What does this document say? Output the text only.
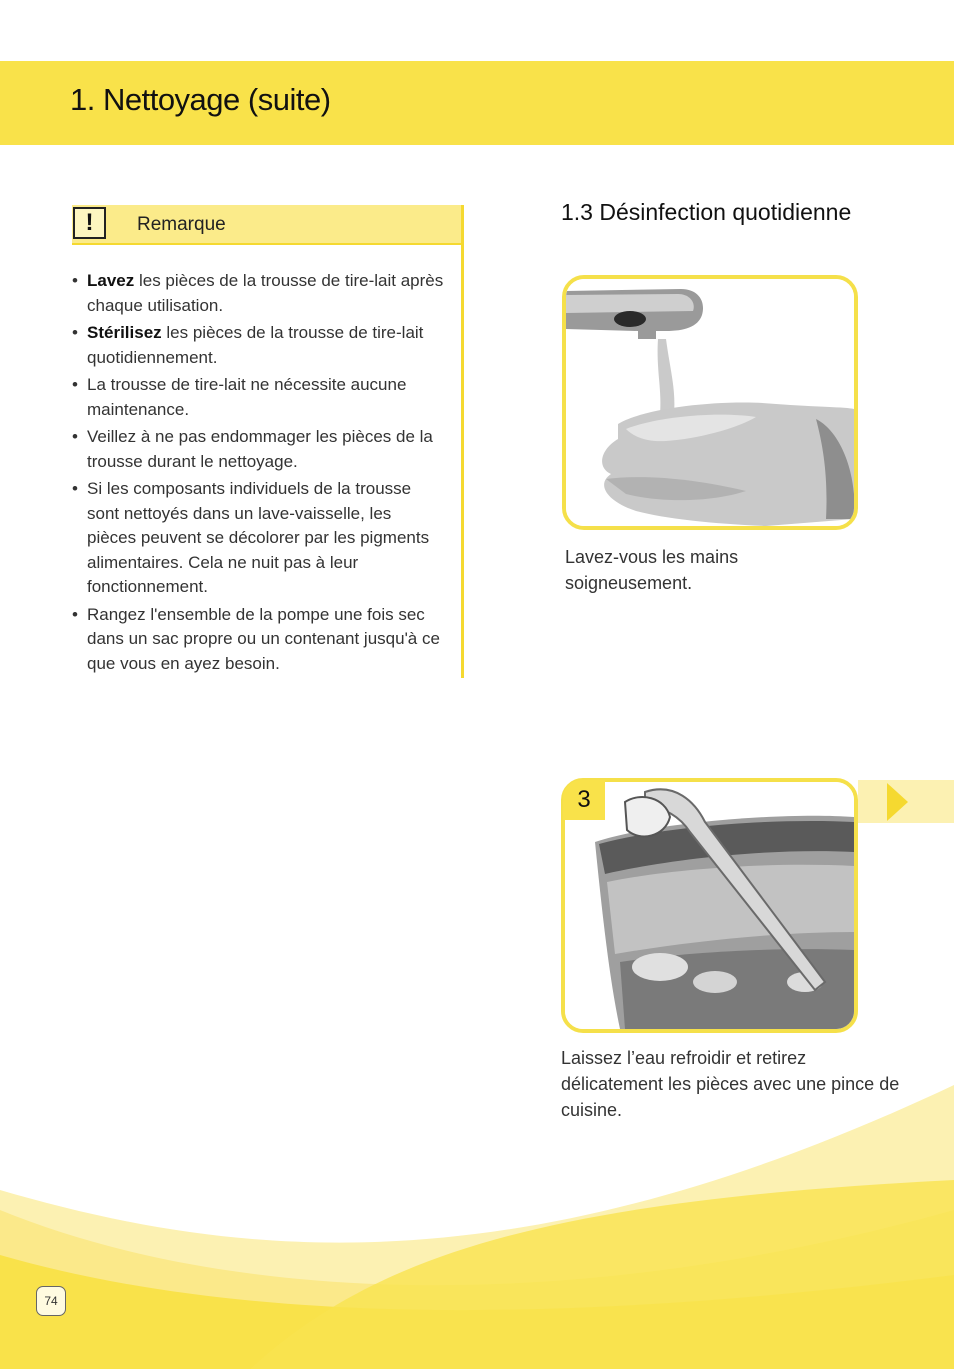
1. Nettoyage (suite)
!	Remarque
• Lavez les pièces de la trousse de tire-lait après chaque utilisation.
• Stérilisez les pièces de la trousse de tire-lait quotidiennement.
• La trousse de tire-lait ne nécessite aucune maintenance.
• Veillez à ne pas endommager les pièces de la trousse durant le nettoyage.
• Si les composants individuels de la trousse sont nettoyés dans un lave-vaisselle, les pièces peuvent se décolorer par les pigments alimentaires. Cela ne nuit pas à leur fonctionnement.
• Rangez l'ensemble de la pompe une fois sec dans un sac propre ou un contenant jusqu'à ce que vous en ayez besoin.
1.3 Désinfection quotidienne

Lavez-vous les mains soigneusement.

3

Laissez l’eau refroidir et retirez délicatement les pièces avec une pince de cuisine.

74
